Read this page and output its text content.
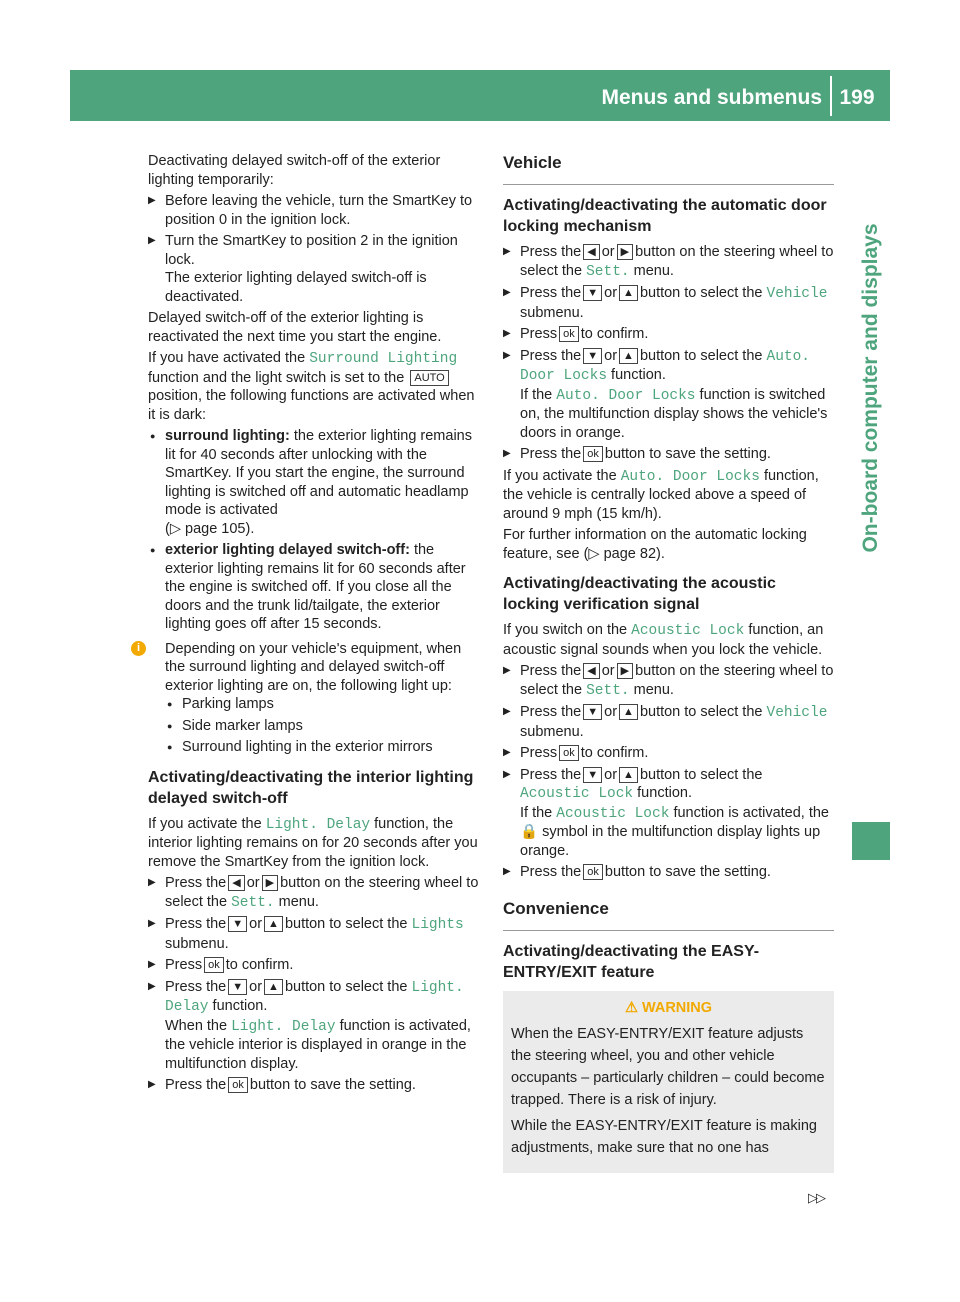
Menus and submenus 199
On-board computer and displays

Deactivating delayed switch-off of the exterior lighting temporarily:

▶ Before leaving the vehicle, turn the SmartKey to position 0 in the ignition lock.
▶ Turn the SmartKey to position 2 in the ignition lock.
The exterior lighting delayed switch-off is deactivated.

Delayed switch-off of the exterior lighting is reactivated the next time you start the engine.

If you have activated the Surround Lighting function and the light switch is set to the AUTO position, the following functions are activated when it is dark:

● surround lighting: the exterior lighting remains lit for 40 seconds after unlocking with the SmartKey. If you start the engine, the surround lighting is switched off and automatic headlamp mode is activated
(▷ page 105).
● exterior lighting delayed switch-off: the exterior lighting remains lit for 60 seconds after the engine is switched off. If you close all the doors and the trunk lid/tailgate, the exterior lighting goes off after 15 seconds.
i	Depending on your vehicle's equipment, when the surround lighting and delayed switch-off exterior lighting are on, the following light up:
● Parking lamps
● Side marker lamps
● Surround lighting in the exterior mirrors
Activating/deactivating the interior lighting delayed switch-off

If you activate the Light. Delay function, the interior lighting remains on for 20 seconds after you remove the SmartKey from the ignition lock.

▶ Press the ◀ or ▶ button on the steering wheel to select the Sett. menu.
▶ Press the ▼ or ▲ button to select the Lights submenu.
▶ Press ok to confirm.
▶ Press the ▼ or ▲ button to select the Light. Delay function.
When the Light. Delay function is activated, the vehicle interior is displayed in orange in the multifunction display.
▶ Press the ok button to save the setting.
Vehicle
Activating/deactivating the automatic door locking mechanism
▶ Press the ◀ or ▶ button on the steering wheel to select the Sett. menu.
▶ Press the ▼ or ▲ button to select the Vehicle submenu.
▶ Press ok to confirm.
▶ Press the ▼ or ▲ button to select the Auto. Door Locks function.
If the Auto. Door Locks function is switched on, the multifunction display shows the vehicle's doors in orange.
▶ Press the ok button to save the setting.

If you activate the Auto. Door Locks function, the vehicle is centrally locked above a speed of around 9 mph (15 km/h).

For further information on the automatic locking feature, see (▷ page 82).

Activating/deactivating the acoustic locking verification signal

If you switch on the Acoustic Lock function, an acoustic signal sounds when you lock the vehicle.

▶ Press the ◀ or ▶ button on the steering wheel to select the Sett. menu.
▶ Press the ▼ or ▲ button to select the Vehicle submenu.
▶ Press ok to confirm.
▶ Press the ▼ or ▲ button to select the Acoustic Lock function.
If the Acoustic Lock function is activated, the 🔒 symbol in the multifunction display lights up orange.
▶ Press the ok button to save the setting.
Convenience
Activating/deactivating the EASY-ENTRY/EXIT feature
⚠ WARNING

When the EASY-ENTRY/EXIT feature adjusts the steering wheel, you and other vehicle occupants – particularly children – could become trapped. There is a risk of injury.

While the EASY-ENTRY/EXIT feature is making adjustments, make sure that no one has

▷▷
